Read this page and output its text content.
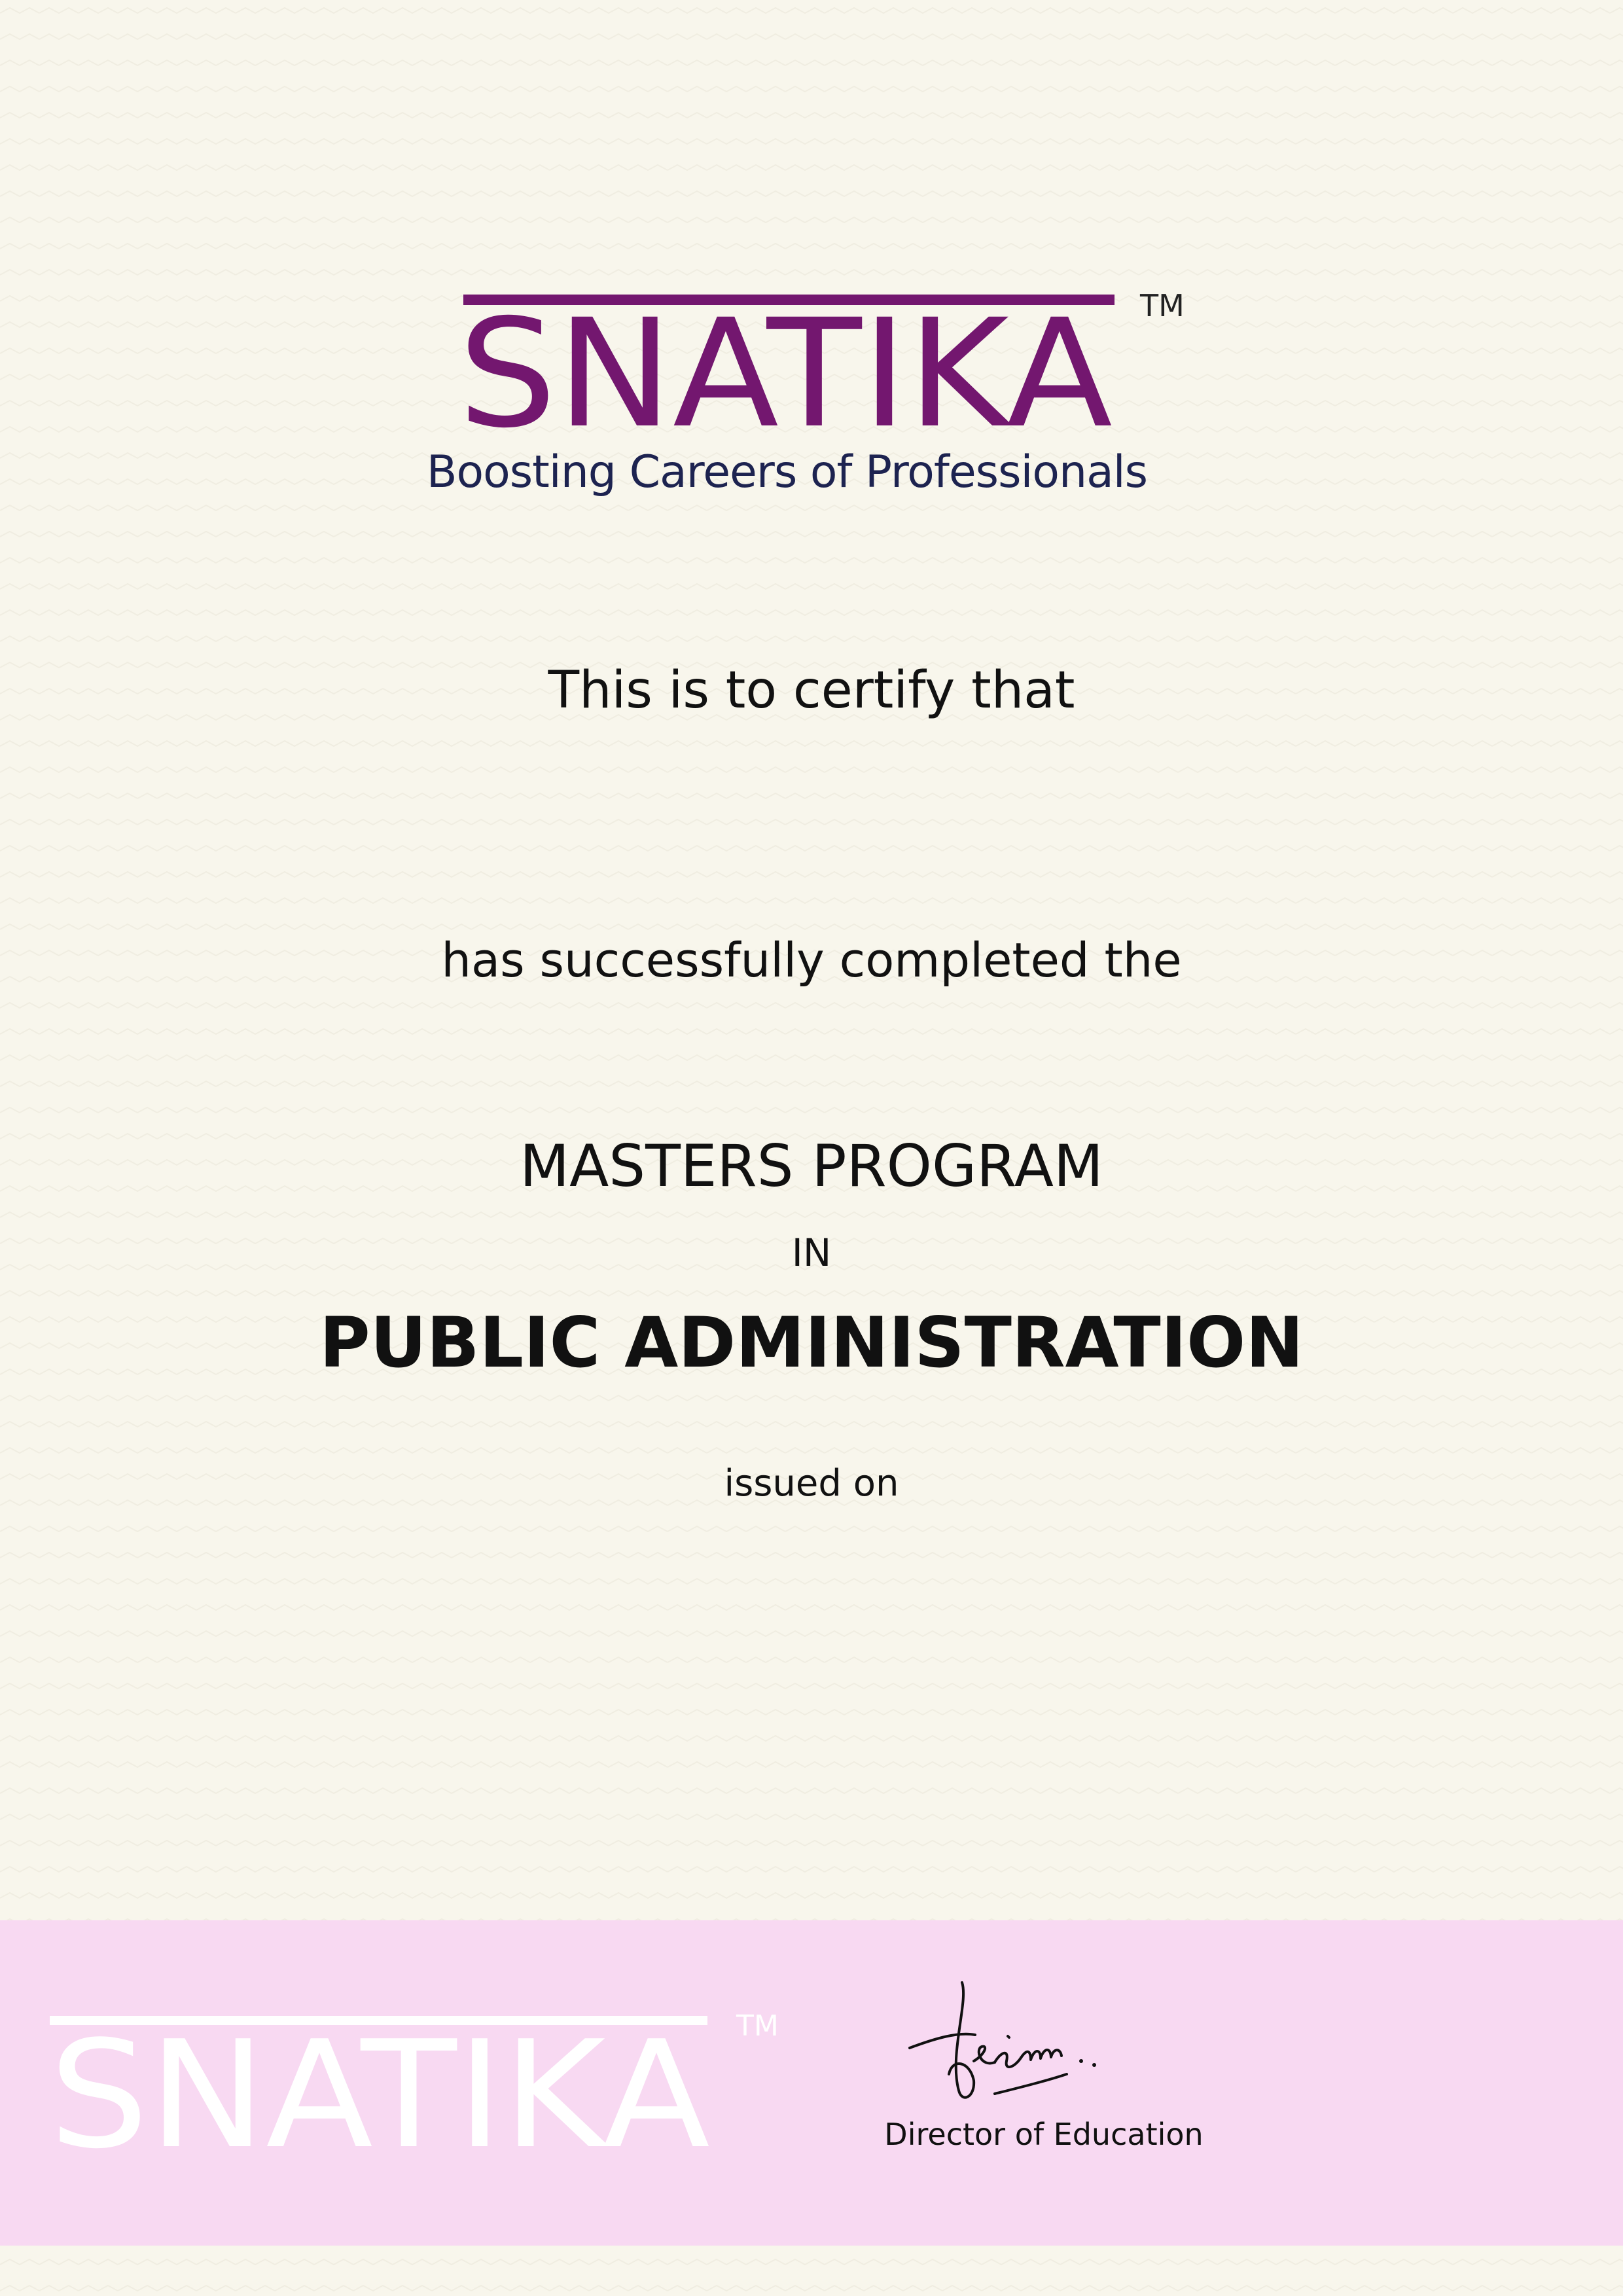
SNATIKA TM
Boosting Careers of Professionals
This is to certify that
has successfully completed the
MASTERS PROGRAM
IN
PUBLIC ADMINISTRATION
issued on
SNATIKA TM
Director of Education
